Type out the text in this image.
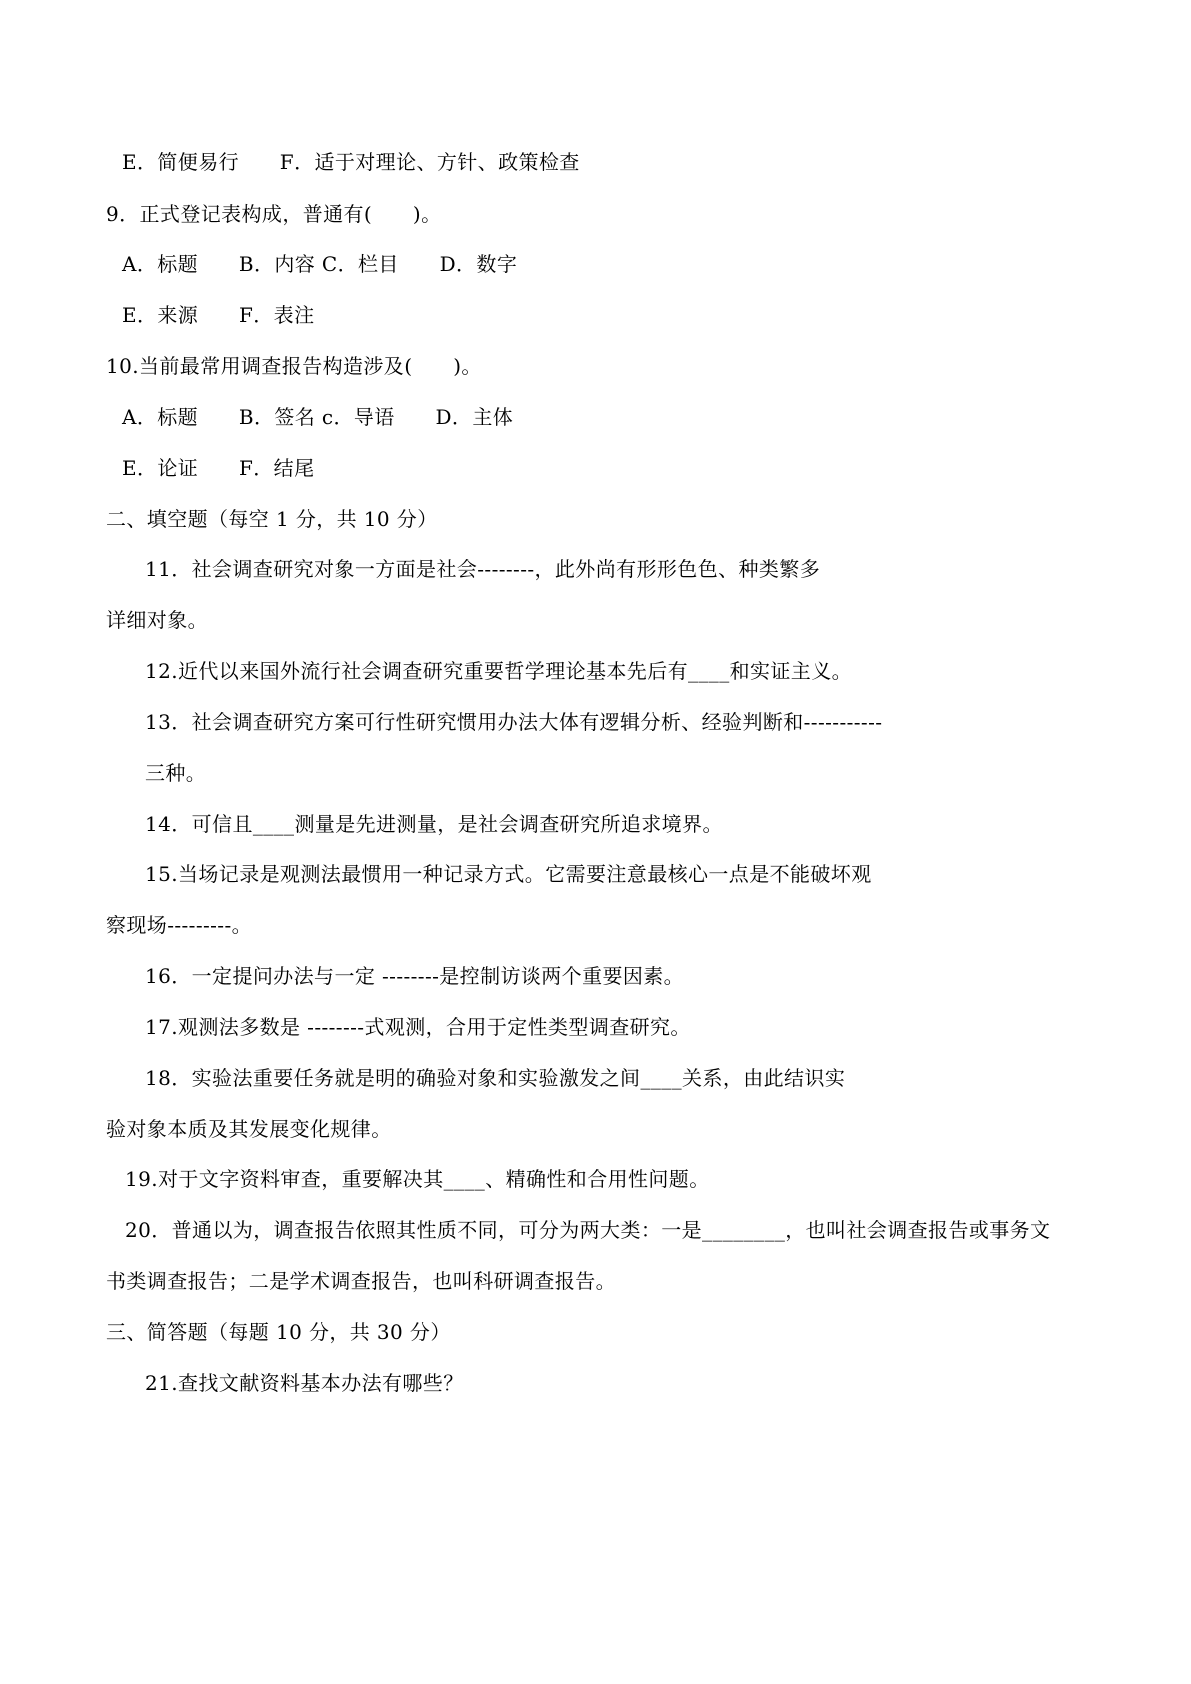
E．简便易行　　F．适于对理论、方针、政策检查
9．正式登记表构成，普通有(　　)。
A．标题　　B．内容 C．栏目　　D．数字
E．来源　　F．表注
10.当前最常用调查报告构造涉及(　　)。
A．标题　　B．签名 c．导语　　D．主体
E．论证　　F．结尾
二、填空题（每空 1 分，共 10 分）
11．社会调查研究对象一方面是社会--------，此外尚有形形色色、种类繁多
详细对象。
12.近代以来国外流行社会调查研究重要哲学理论基本先后有____和实证主义。
13．社会调查研究方案可行性研究惯用办法大体有逻辑分析、经验判断和-----------
三种。
14．可信且____测量是先进测量，是社会调查研究所追求境界。
15.当场记录是观测法最惯用一种记录方式。它需要注意最核心一点是不能破坏观
察现场---------。
16．一定提问办法与一定 --------是控制访谈两个重要因素。
17.观测法多数是 --------式观测，合用于定性类型调查研究。
18．实验法重要任务就是明的确验对象和实验激发之间____关系，由此结识实
验对象本质及其发展变化规律。
19.对于文字资料审查，重要解决其____、精确性和合用性问题。
20．普通以为，调查报告依照其性质不同，可分为两大类：一是________，也叫社会调查报告或事务文
书类调查报告；二是学术调查报告，也叫科研调查报告。
三、简答题（每题 10 分，共 30 分）
21.查找文献资料基本办法有哪些？
